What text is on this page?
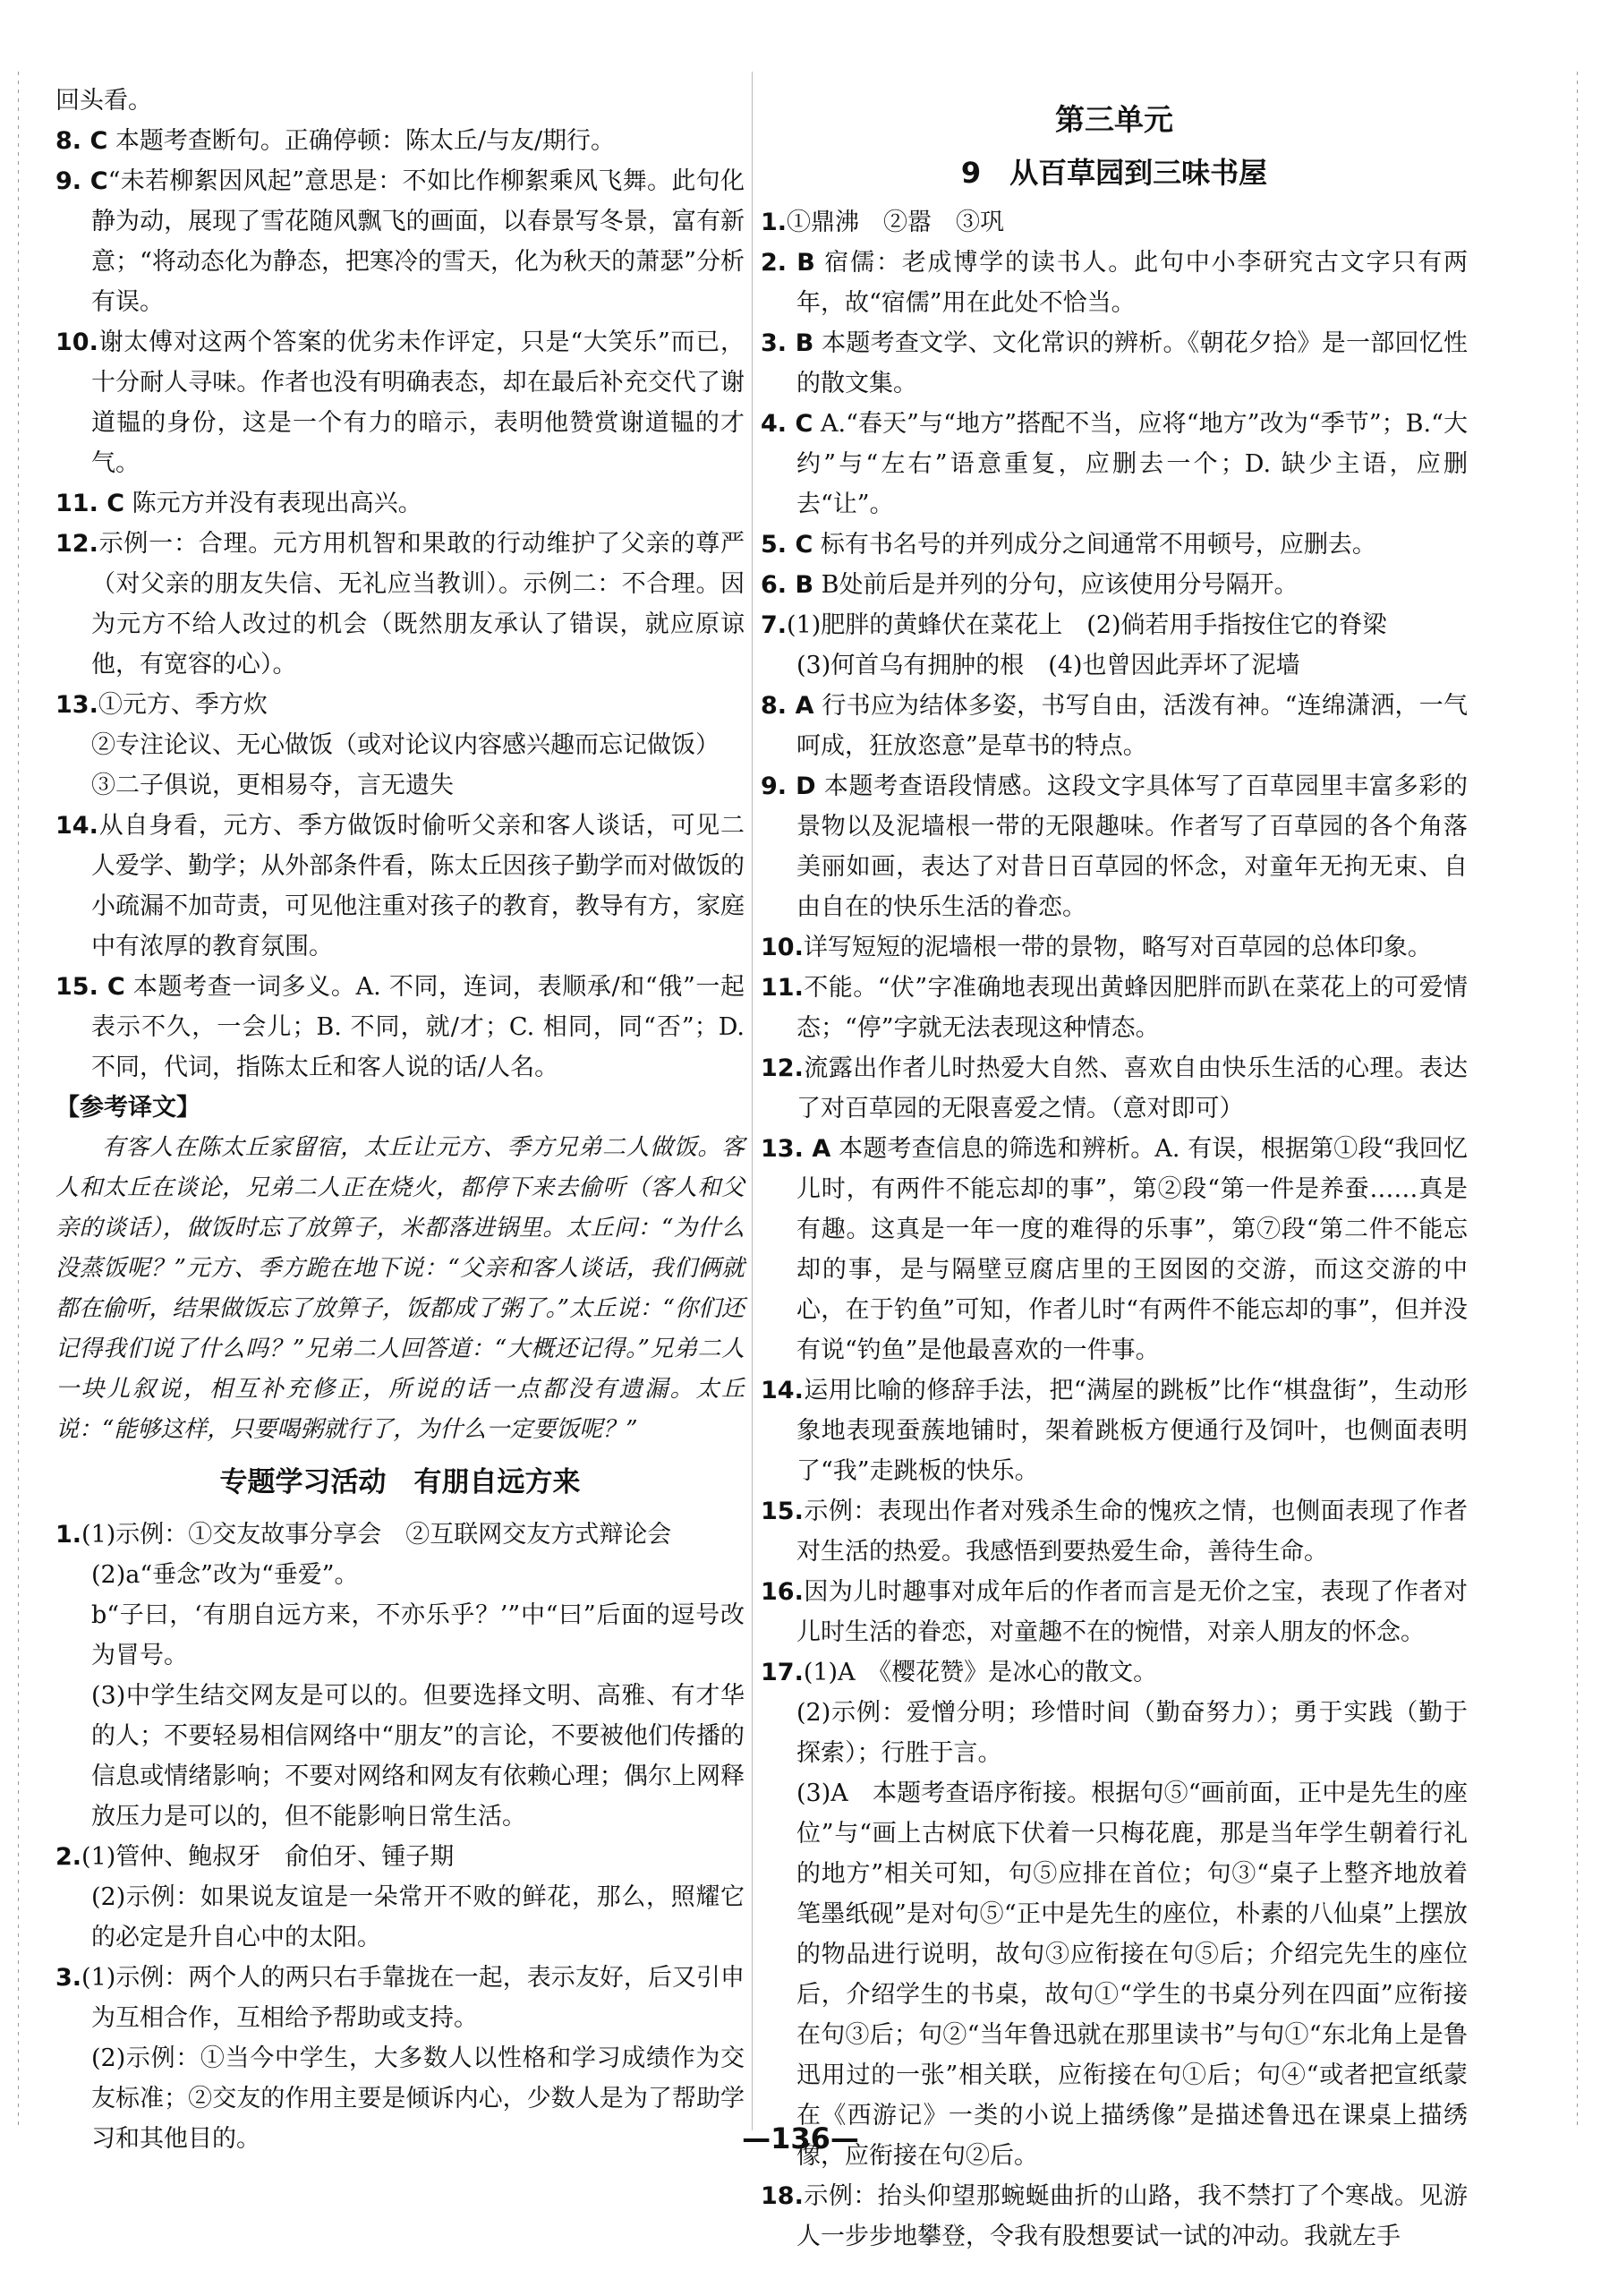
回头看。

8. C 本题考查断句。正确停顿：陈太丘/与友/期行。

9. C“未若柳絮因风起”意思是：不如比作柳絮乘风飞舞。此句化静为动，展现了雪花随风飘飞的画面，以春景写冬景，富有新意；“将动态化为静态，把寒冷的雪天，化为秋天的萧瑟”分析有误。

10.谢太傅对这两个答案的优劣未作评定，只是“大笑乐”而已，十分耐人寻味。作者也没有明确表态，却在最后补充交代了谢道韫的身份，这是一个有力的暗示，表明他赞赏谢道韫的才气。

11. C 陈元方并没有表现出高兴。

12.示例一：合理。元方用机智和果敢的行动维护了父亲的尊严（对父亲的朋友失信、无礼应当教训）。示例二：不合理。因为元方不给人改过的机会（既然朋友承认了错误，就应原谅他，有宽容的心）。

13.①元方、季方炊

②专注论议、无心做饭（或对论议内容感兴趣而忘记做饭）

③二子俱说，更相易夺，言无遗失

14.从自身看，元方、季方做饭时偷听父亲和客人谈话，可见二人爱学、勤学；从外部条件看，陈太丘因孩子勤学而对做饭的小疏漏不加苛责，可见他注重对孩子的教育，教导有方，家庭中有浓厚的教育氛围。

15. C 本题考查一词多义。A. 不同，连词，表顺承/和“俄”一起表示不久，一会儿；B. 不同，就/才；C. 相同，同“否”；D. 不同，代词，指陈太丘和客人说的话/人名。

【参考译文】

有客人在陈太丘家留宿，太丘让元方、季方兄弟二人做饭。客人和太丘在谈论，兄弟二人正在烧火，都停下来去偷听（客人和父亲的谈话），做饭时忘了放箅子，米都落进锅里。太丘问：“为什么没蒸饭呢？”元方、季方跪在地下说：“父亲和客人谈话，我们俩就都在偷听，结果做饭忘了放箅子，饭都成了粥了。”太丘说：“你们还记得我们说了什么吗？”兄弟二人回答道：“大概还记得。”兄弟二人一块儿叙说，相互补充修正，所说的话一点都没有遗漏。太丘说：“能够这样，只要喝粥就行了，为什么一定要饭呢？”

专题学习活动　有朋自远方来

1.(1)示例：①交友故事分享会　②互联网交友方式辩论会

(2)a“垂念”改为“垂爱”。

b“子曰，‘有朋自远方来，不亦乐乎？’”中“曰”后面的逗号改为冒号。

(3)中学生结交网友是可以的。但要选择文明、高雅、有才华的人；不要轻易相信网络中“朋友”的言论，不要被他们传播的信息或情绪影响；不要对网络和网友有依赖心理；偶尔上网释放压力是可以的，但不能影响日常生活。

2.(1)管仲、鲍叔牙　俞伯牙、锺子期

(2)示例：如果说友谊是一朵常开不败的鲜花，那么，照耀它的必定是升自心中的太阳。

3.(1)示例：两个人的两只右手靠拢在一起，表示友好，后又引申为互相合作，互相给予帮助或支持。

(2)示例：①当今中学生，大多数人以性格和学习成绩作为交友标准；②交友的作用主要是倾诉内心，少数人是为了帮助学习和其他目的。

第三单元

9　从百草园到三味书屋

1.①鼎沸　②嚣　③巩

2. B 宿儒：老成博学的读书人。此句中小李研究古文字只有两年，故“宿儒”用在此处不恰当。

3. B 本题考查文学、文化常识的辨析。《朝花夕拾》是一部回忆性的散文集。

4. C A.“春天”与“地方”搭配不当，应将“地方”改为“季节”；B.“大约”与“左右”语意重复，应删去一个；D. 缺少主语，应删去“让”。

5. C 标有书名号的并列成分之间通常不用顿号，应删去。

6. B B处前后是并列的分句，应该使用分号隔开。

7.(1)肥胖的黄蜂伏在菜花上　(2)倘若用手指按住它的脊梁

(3)何首乌有拥肿的根　(4)也曾因此弄坏了泥墙

8. A 行书应为结体多姿，书写自由，活泼有神。“连绵潇洒，一气呵成，狂放恣意”是草书的特点。

9. D 本题考查语段情感。这段文字具体写了百草园里丰富多彩的景物以及泥墙根一带的无限趣味。作者写了百草园的各个角落美丽如画，表达了对昔日百草园的怀念，对童年无拘无束、自由自在的快乐生活的眷恋。

10.详写短短的泥墙根一带的景物，略写对百草园的总体印象。

11.不能。“伏”字准确地表现出黄蜂因肥胖而趴在菜花上的可爱情态；“停”字就无法表现这种情态。

12.流露出作者儿时热爱大自然、喜欢自由快乐生活的心理。表达了对百草园的无限喜爱之情。（意对即可）

13. A 本题考查信息的筛选和辨析。A. 有误，根据第①段“我回忆儿时，有两件不能忘却的事”，第②段“第一件是养蚕……真是有趣。这真是一年一度的难得的乐事”，第⑦段“第二件不能忘却的事，是与隔壁豆腐店里的王囡囡的交游，而这交游的中心，在于钓鱼”可知，作者儿时“有两件不能忘却的事”，但并没有说“钓鱼”是他最喜欢的一件事。

14.运用比喻的修辞手法，把“满屋的跳板”比作“棋盘街”，生动形象地表现蚕蔟地铺时，架着跳板方便通行及饲叶，也侧面表明了“我”走跳板的快乐。

15.示例：表现出作者对残杀生命的愧疚之情，也侧面表现了作者对生活的热爱。我感悟到要热爱生命，善待生命。

16.因为儿时趣事对成年后的作者而言是无价之宝，表现了作者对儿时生活的眷恋，对童趣不在的惋惜，对亲人朋友的怀念。

17.(1)A　《樱花赞》是冰心的散文。

(2)示例：爱憎分明；珍惜时间（勤奋努力）；勇于实践（勤于探索）；行胜于言。

(3)A　本题考查语序衔接。根据句⑤“画前面，正中是先生的座位”与“画上古树底下伏着一只梅花鹿，那是当年学生朝着行礼的地方”相关可知，句⑤应排在首位；句③“桌子上整齐地放着笔墨纸砚”是对句⑤“正中是先生的座位，朴素的八仙桌”上摆放的物品进行说明，故句③应衔接在句⑤后；介绍完先生的座位后，介绍学生的书桌，故句①“学生的书桌分列在四面”应衔接在句③后；句②“当年鲁迅就在那里读书”与句①“东北角上是鲁迅用过的一张”相关联，应衔接在句①后；句④“或者把宣纸蒙在《西游记》一类的小说上描绣像”是描述鲁迅在课桌上描绣像，应衔接在句②后。

18.示例：抬头仰望那蜿蜒曲折的山路，我不禁打了个寒战。见游人一步步地攀登，令我有股想要试一试的冲动。我就左手

—136—
